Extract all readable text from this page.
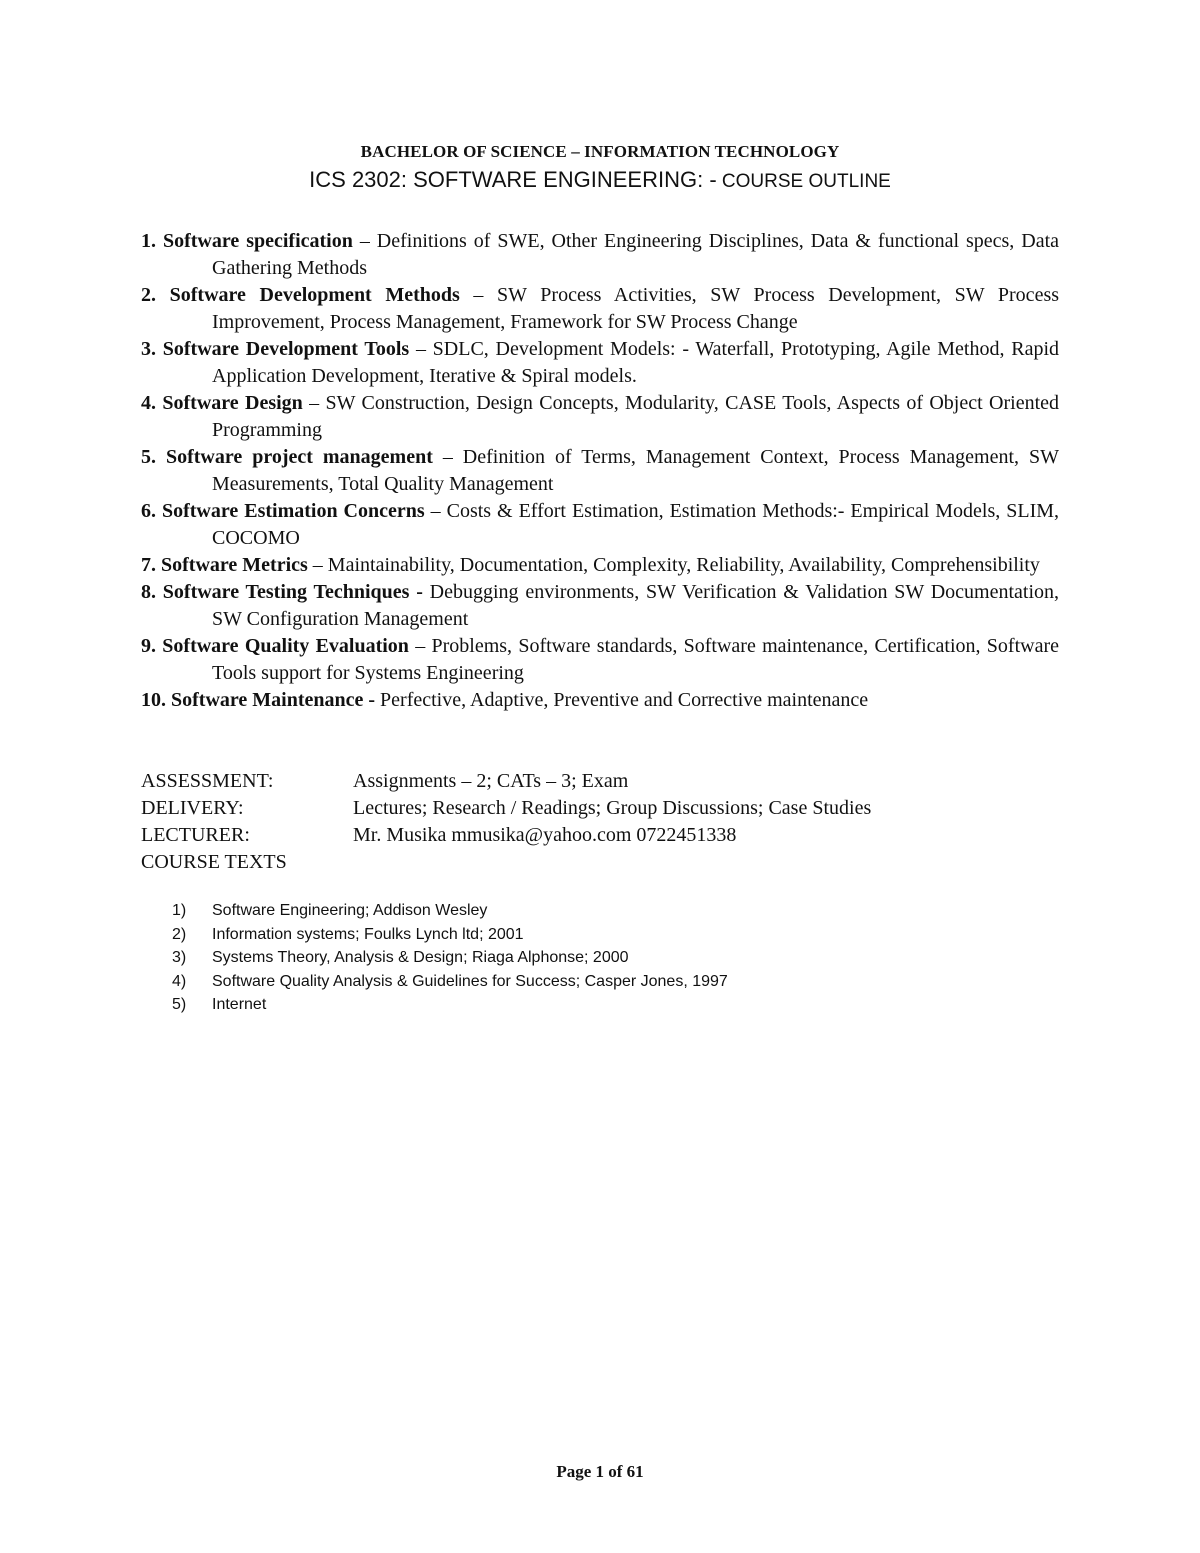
BACHELOR OF SCIENCE – INFORMATION TECHNOLOGY
ICS 2302: SOFTWARE ENGINEERING: - COURSE OUTLINE
1. Software specification – Definitions of SWE, Other Engineering Disciplines, Data & functional specs, Data Gathering Methods
2. Software Development Methods – SW Process Activities, SW Process Development, SW Process Improvement, Process Management, Framework for SW Process Change
3. Software Development Tools – SDLC, Development Models: - Waterfall, Prototyping, Agile Method, Rapid Application Development, Iterative & Spiral models.
4. Software Design – SW Construction, Design Concepts, Modularity, CASE Tools, Aspects of Object Oriented Programming
5. Software project management – Definition of Terms, Management Context, Process Management, SW Measurements, Total Quality Management
6. Software Estimation Concerns – Costs & Effort Estimation, Estimation Methods:- Empirical Models, SLIM, COCOMO
7. Software Metrics – Maintainability, Documentation, Complexity, Reliability, Availability, Comprehensibility
8. Software Testing Techniques - Debugging environments, SW Verification & Validation SW Documentation, SW Configuration Management
9. Software Quality Evaluation – Problems, Software standards, Software maintenance, Certification, Software Tools support for Systems Engineering
10. Software Maintenance - Perfective, Adaptive, Preventive and Corrective maintenance
ASSESSMENT:	Assignments – 2; CATs – 3; Exam
DELIVERY:	Lectures; Research / Readings; Group Discussions; Case Studies
LECTURER:	Mr. Musika mmusika@yahoo.com 0722451338
COURSE TEXTS
1)	Software Engineering; Addison Wesley
2)	Information systems; Foulks Lynch ltd; 2001
3)	Systems Theory, Analysis & Design; Riaga Alphonse; 2000
4)	Software Quality Analysis & Guidelines for Success; Casper Jones, 1997
5)	Internet
Page 1 of 61
